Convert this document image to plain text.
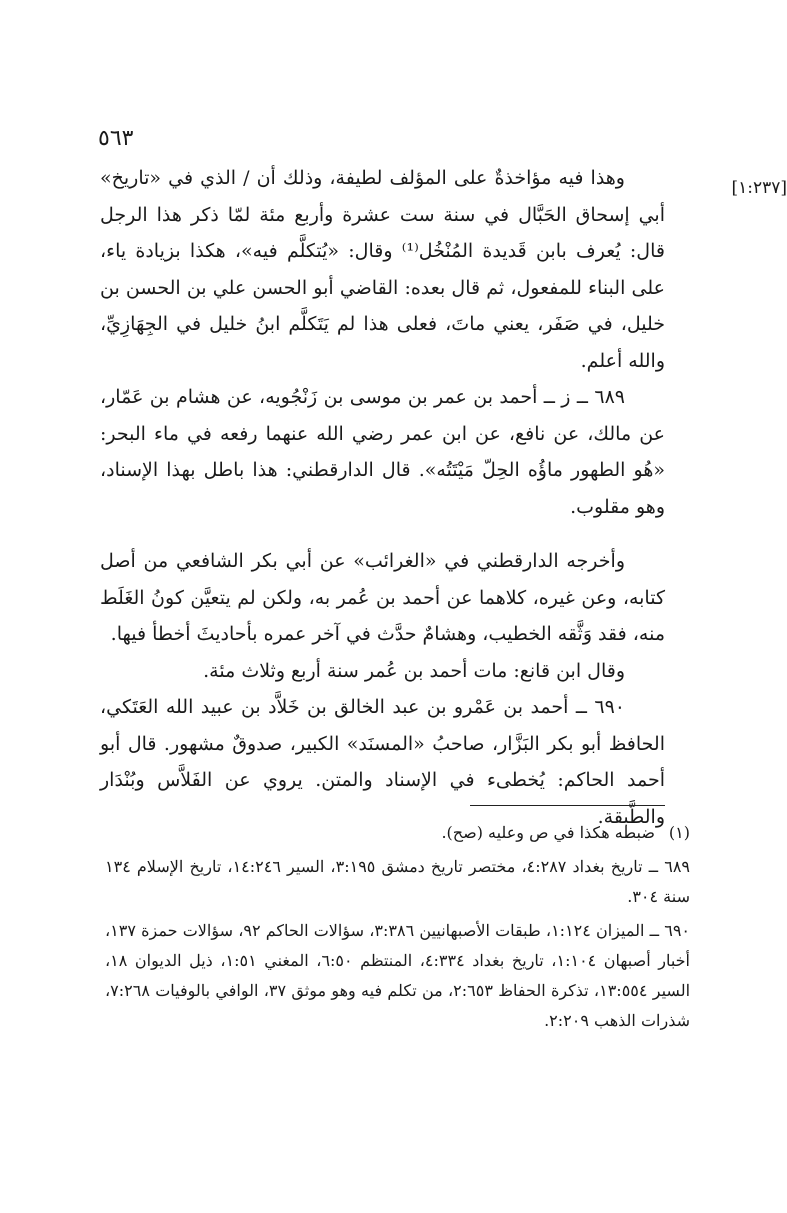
٥٦٣
[١:٢٣٧]

وهذا فيه مؤاخذةٌ على المؤلف لطيفة، وذلك أن / الذي في «تاريخ» أبي إسحاق الحَبَّال في سنة ست عشرة وأربع مئة لمّا ذكر هذا الرجل قال: يُعرف بابن قَديدة المُنْخُل⁽¹⁾ وقال: «يُتكلَّم فيه»، هكذا بزيادة ياء، على البناء للمفعول، ثم قال بعده: القاضي أبو الحسن علي بن الحسن بن خليل، في صَفَر، يعني ماتَ، فعلى هذا لم يَتَكلَّم ابنُ خليل في الجِهَازِيِّ، والله أعلم.

٦٨٩ ــ ز ــ أحمد بن عمر بن موسى بن زَنْجُويه، عن هشام بن عَمّار، عن مالك، عن نافع، عن ابن عمر رضي الله عنهما رفعه في ماء البحر: «هُو الطهور ماؤُه الحِلّ مَيْتَتُه». قال الدارقطني: هذا باطل بهذا الإسناد، وهو مقلوب.

وأخرجه الدارقطني في «الغرائب» عن أبي بكر الشافعي من أصل كتابه، وعن غيره، كلاهما عن أحمد بن عُمر به، ولكن لم يتعيَّن كونُ الغَلَط منه، فقد وَثَّقه الخطيب، وهشامٌ حدَّث في آخر عمره بأحاديثَ أخطأ فيها.

وقال ابن قانع: مات أحمد بن عُمر سنة أربع وثلاث مئة.

٦٩٠ ــ أحمد بن عَمْرو بن عبد الخالق بن خَلاَّد بن عبيد الله العَتَكي، الحافظ أبو بكر البَزَّار، صاحبُ «المسنَد» الكبير، صدوقٌ مشهور. قال أبو أحمد الحاكم: يُخطىء في الإسناد والمتن. يروي عن الفَلاَّس وبُنْدَار والطَّبقة.

(١)ضبطه هكذا في ص وعليه (صح).

٦٨٩ ــ تاريخ بغداد ٤:٢٨٧، مختصر تاريخ دمشق ٣:١٩٥، السير ١٤:٢٤٦، تاريخ الإسلام ١٣٤ سنة ٣٠٤.

٦٩٠ ــ الميزان ١:١٢٤، طبقات الأصبهانيين ٣:٣٨٦، سؤالات الحاكم ٩٢، سؤالات حمزة ١٣٧، أخبار أصبهان ١:١٠٤، تاريخ بغداد ٤:٣٣٤، المنتظم ٦:٥٠، المغني ١:٥١، ذيل الديوان ١٨، السير ١٣:٥٥٤، تذكرة الحفاظ ٢:٦٥٣، من تكلم فيه وهو موثق ٣٧، الوافي بالوفيات ٧:٢٦٨، شذرات الذهب ٢:٢٠٩.
